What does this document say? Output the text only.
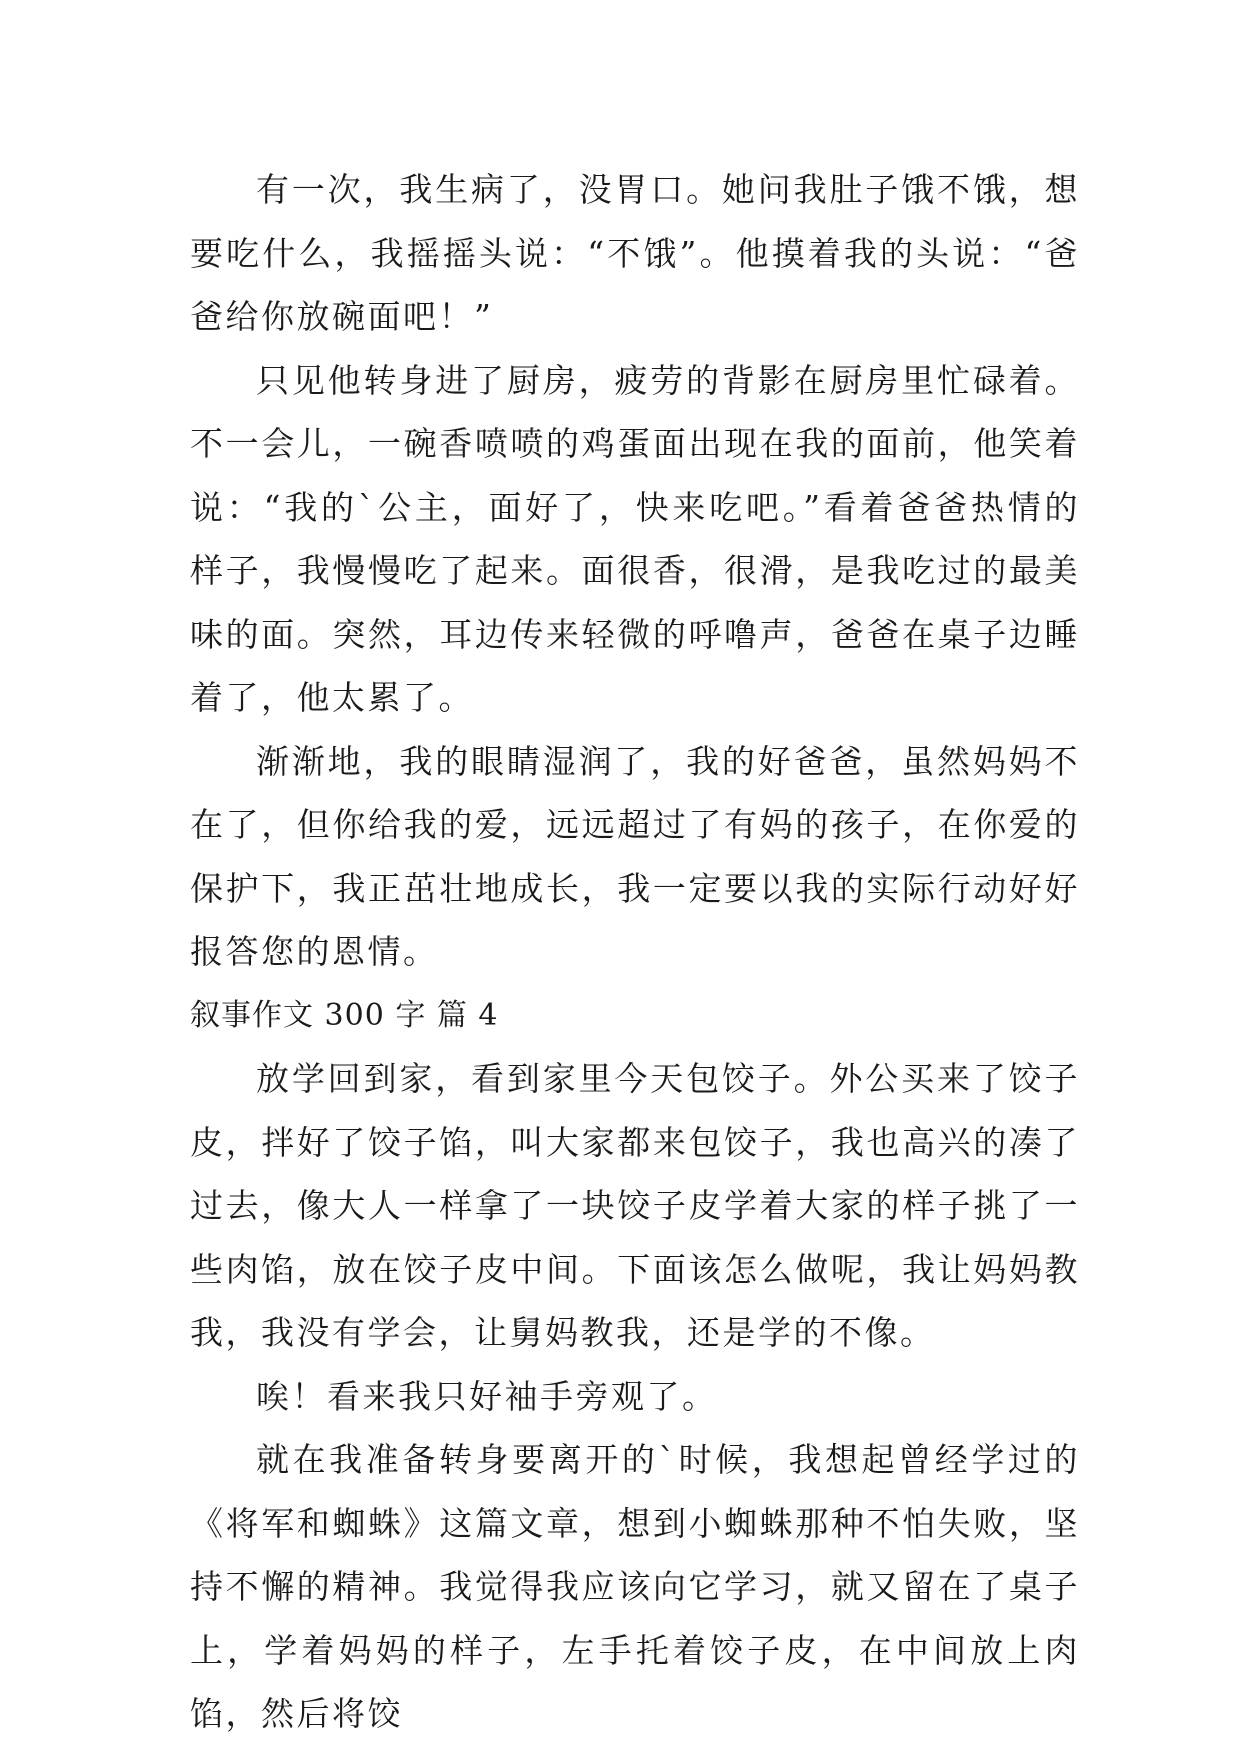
有一次，我生病了，没胃口。她问我肚子饿不饿，想要吃什么，我摇摇头说：“不饿”。他摸着我的头说：“爸爸给你放碗面吧！”

只见他转身进了厨房，疲劳的背影在厨房里忙碌着。不一会儿，一碗香喷喷的鸡蛋面出现在我的面前，他笑着说：“我的`公主，面好了，快来吃吧。”看着爸爸热情的样子，我慢慢吃了起来。面很香，很滑，是我吃过的最美味的面。突然，耳边传来轻微的呼噜声，爸爸在桌子边睡着了，他太累了。

渐渐地，我的眼睛湿润了，我的好爸爸，虽然妈妈不在了，但你给我的爱，远远超过了有妈的孩子，在你爱的保护下，我正茁壮地成长，我一定要以我的实际行动好好报答您的恩情。

叙事作文 300 字 篇 4

放学回到家，看到家里今天包饺子。外公买来了饺子皮，拌好了饺子馅，叫大家都来包饺子，我也高兴的凑了过去，像大人一样拿了一块饺子皮学着大家的样子挑了一些肉馅，放在饺子皮中间。下面该怎么做呢，我让妈妈教我，我没有学会，让舅妈教我，还是学的不像。

唉！看来我只好袖手旁观了。

就在我准备转身要离开的`时候，我想起曾经学过的《将军和蜘蛛》这篇文章，想到小蜘蛛那种不怕失败，坚持不懈的精神。我觉得我应该向它学习，就又留在了桌子上，学着妈妈的样子，左手托着饺子皮，在中间放上肉馅，然后将饺
